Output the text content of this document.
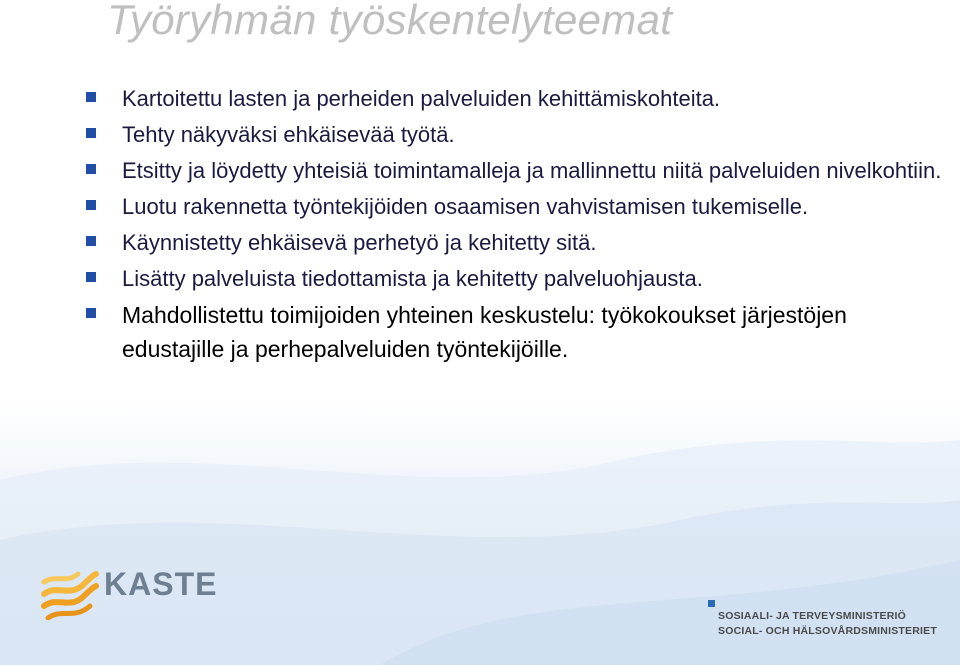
Työryhmän työskentelyteemat
Kartoitettu lasten ja perheiden palveluiden kehittämiskohteita.
Tehty näkyväksi ehkäisevää työtä.
Etsitty ja löydetty yhteisiä toimintamalleja ja mallinnettu niitä palveluiden nivelkohtiin.
Luotu rakennetta työntekijöiden osaamisen vahvistamisen tukemiselle.
Käynnistetty ehkäisevä perhetyö ja kehitetty sitä.
Lisätty palveluista tiedottamista ja kehitetty palveluohjausta.
Mahdollistettu toimijoiden yhteinen keskustelu: työkokoukset järjestöjen edustajille ja perhepalveluiden työntekijöille.
KASTE
SOSIAALI- JA TERVEYSMINISTERIÖ
SOCIAL- OCH HÄLSOVÅRDSMINISTERIET
